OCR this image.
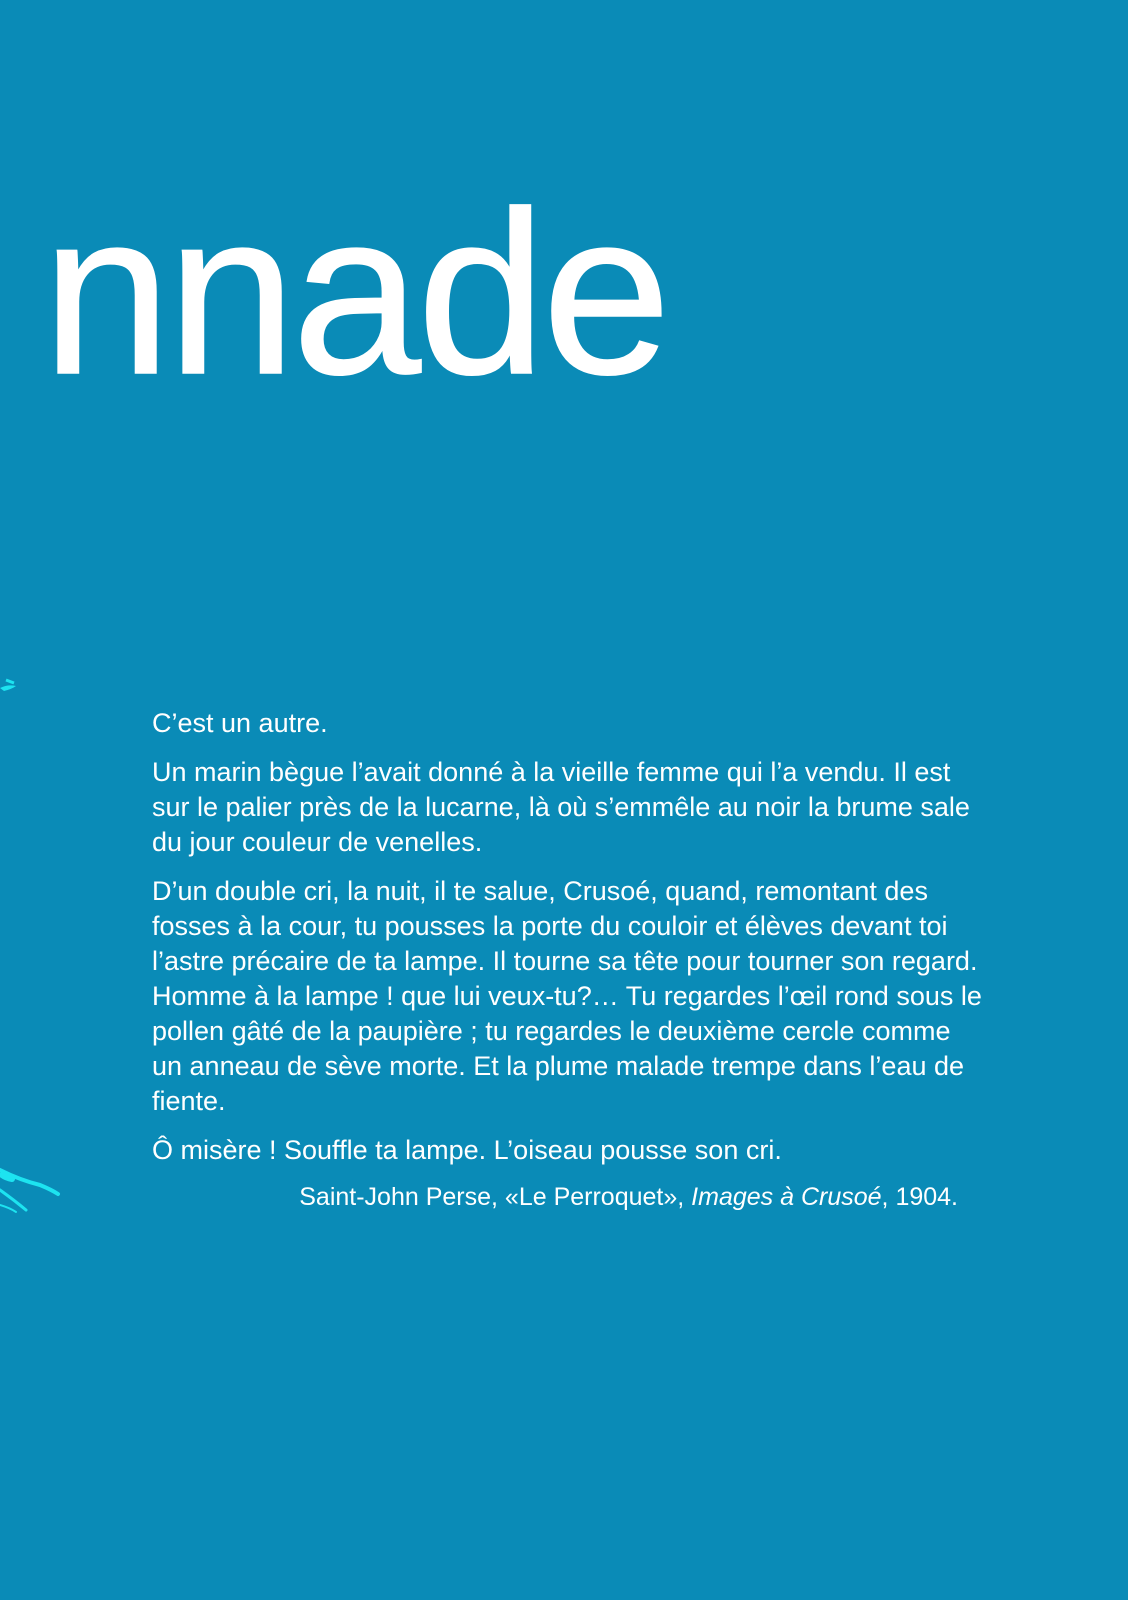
nnade

C’est un autre.

Un marin bègue l’avait donné à la vieille femme qui l’a vendu. Il est sur le palier près de la lucarne, là où s’emmêle au noir la brume sale du jour couleur de venelles.

D’un double cri, la nuit, il te salue, Crusoé, quand, remontant des fosses à la cour, tu pousses la porte du couloir et élèves devant toi l’astre précaire de ta lampe. Il tourne sa tête pour tourner son regard. Homme à la lampe ! que lui veux-tu?… Tu regardes l’œil rond sous le pollen gâté de la paupière ; tu regardes le deuxième cercle comme un anneau de sève morte. Et la plume malade trempe dans l’eau de fiente.

Ô misère ! Souffle ta lampe. L’oiseau pousse son cri.

Saint-John Perse, «Le Perroquet», Images à Crusoé, 1904.
